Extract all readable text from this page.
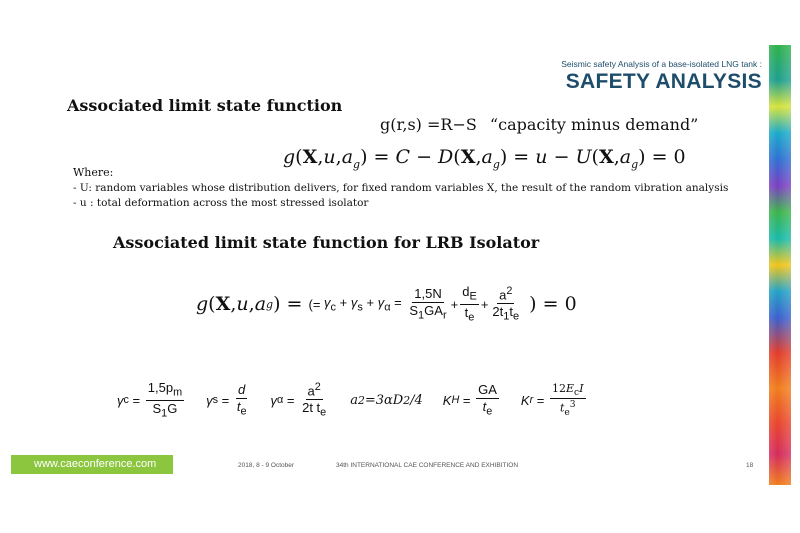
Seismic safety Analysis of a base-isolated LNG tank :
SAFETY ANALYSIS
Associated limit state function
g(r,s) =R−S “capacity minus demand”
$g(X,u,a_g) = C - D(X,a_g) = u - U(X,a_g) = 0$
Where:
- U: random variables whose distribution delivers, for fixed random variables X, the result of the random vibration analysis
- u : total deformation across the most stressed isolator
Associated limit state function for LRB Isolator
g ( X , u , a g ) = (= $\gamma_c + \gamma_s + \gamma_\alpha = \frac{1,5N}{S_1GA_r} + \frac{d_E}{t_e} + \frac{a^2}{2t_1t_e}$ ) = 0
γ $c = \frac{1,5p_m}{S_1G}$ γ $s = \frac{d}{t_e}$ γ $\alpha = \frac{a^2}{2t t_e}$ a 2 =3αD 2 /4 K $H = \frac{GA}{t_e}$ K $r = \frac{12E_cI}{t_e^3}$
www.caeconference.com	2018, 8 - 9 October	34th INTERNATIONAL CAE CONFERENCE AND EXHIBITION	18
